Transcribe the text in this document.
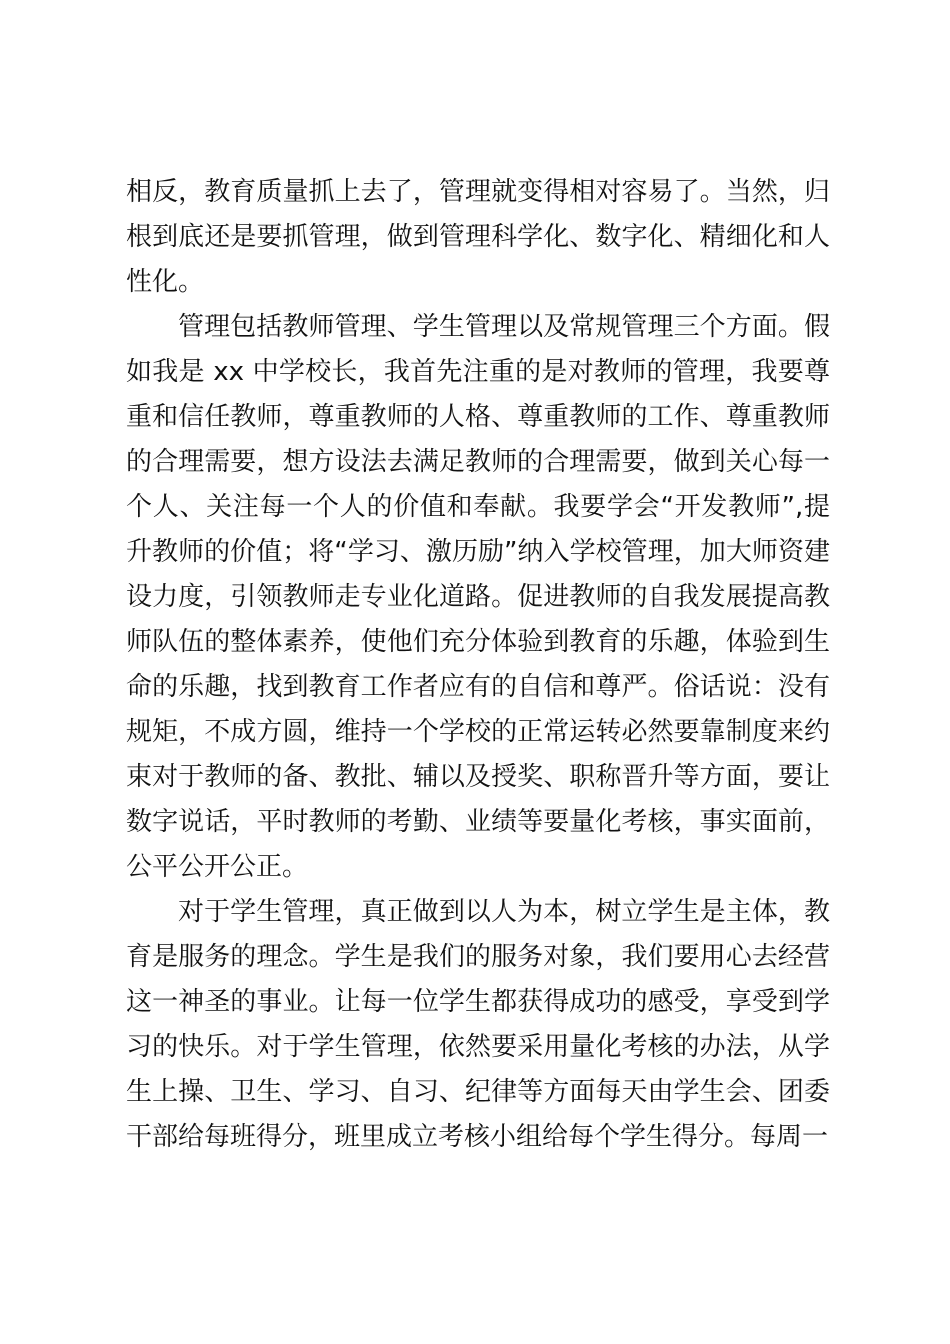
相反，教育质量抓上去了，管理就变得相对容易了。当然，归根到底还是要抓管理，做到管理科学化、数字化、精细化和人性化。

管理包括教师管理、学生管理以及常规管理三个方面。假如我是 xx 中学校长，我首先注重的是对教师的管理，我要尊重和信任教师，尊重教师的人格、尊重教师的工作、尊重教师的合理需要，想方设法去满足教师的合理需要，做到关心每一个人、关注每一个人的价值和奉献。我要学会“开发教师”,提升教师的价值；将“学习、激历励”纳入学校管理，加大师资建设力度，引领教师走专业化道路。促进教师的自我发展提高教师队伍的整体素养，使他们充分体验到教育的乐趣，体验到生命的乐趣，找到教育工作者应有的自信和尊严。俗话说：没有规矩，不成方圆，维持一个学校的正常运转必然要靠制度来约束对于教师的备、教批、辅以及授奖、职称晋升等方面，要让数字说话，平时教师的考勤、业绩等要量化考核，事实面前，公平公开公正。

对于学生管理，真正做到以人为本，树立学生是主体，教育是服务的理念。学生是我们的服务对象，我们要用心去经营这一神圣的事业。让每一位学生都获得成功的感受，享受到学习的快乐。对于学生管理，依然要采用量化考核的办法，从学生上操、卫生、学习、自习、纪律等方面每天由学生会、团委干部给每班得分，班里成立考核小组给每个学生得分。每周一
